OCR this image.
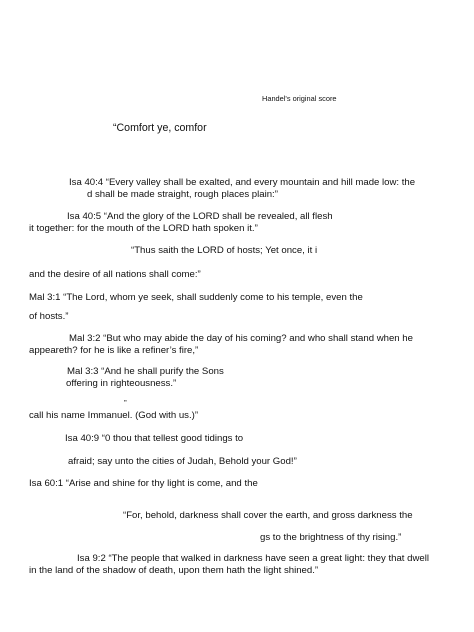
Handel's original score
“Comfort ye, comfor
Isa 40:4 “Every valley shall be exalted, and every mountain and hill made low: the
d shall be made straight, rough places plain:”
Isa 40:5 “And the glory of the LORD shall be revealed, all flesh
it together: for the mouth of the LORD hath spoken it.”
“Thus saith the LORD of hosts; Yet once, it i
and the desire of all nations shall come:”
Mal 3:1 “The Lord, whom ye seek, shall suddenly come to his temple, even the
of hosts.”
Mal 3:2 “But who may abide the day of his coming? and who shall stand when he
appeareth? for he is like a refiner’s fire,”
Mal 3:3 “And he shall purify the Sons
offering in righteousness.”
”
call his name Immanuel. (God with us.)”
Isa 40:9 “0 thou that tellest good tidings to
afraid; say unto the cities of Judah, Behold your God!”
Isa 60:1 “Arise and shine for thy light is come, and the
“For, behold, darkness shall cover the earth, and gross darkness the
gs to the brightness of thy rising.”
Isa 9:2 “The people that walked in darkness have seen a great light: they that dwell
in the land of the shadow of death, upon them hath the light shined.”
